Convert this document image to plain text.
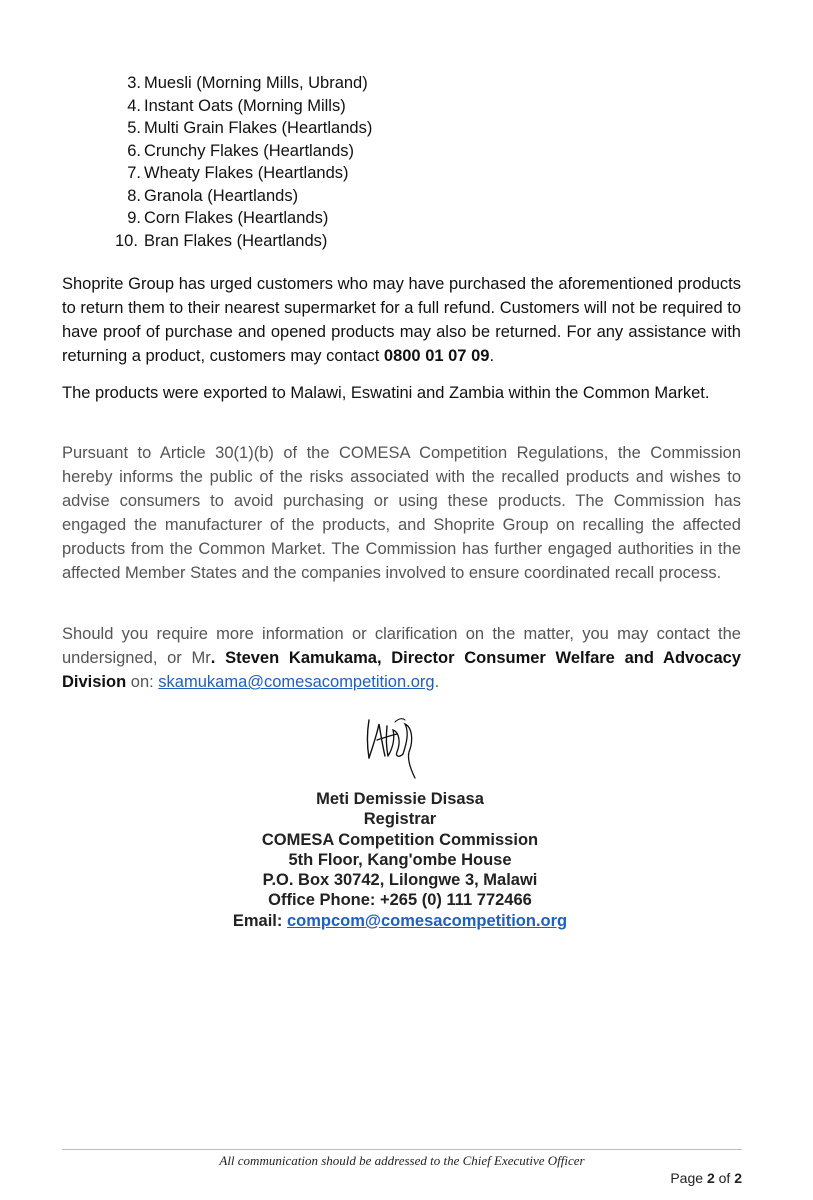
3. Muesli (Morning Mills, Ubrand)
4. Instant Oats (Morning Mills)
5. Multi Grain Flakes (Heartlands)
6. Crunchy Flakes (Heartlands)
7. Wheaty Flakes (Heartlands)
8. Granola (Heartlands)
9. Corn Flakes (Heartlands)
10. Bran Flakes (Heartlands)

Shoprite Group has urged customers who may have purchased the aforementioned products to return them to their nearest supermarket for a full refund. Customers will not be required to have proof of purchase and opened products may also be returned. For any assistance with returning a product, customers may contact 0800 01 07 09.

The products were exported to Malawi, Eswatini and Zambia within the Common Market.

Pursuant to Article 30(1)(b) of the COMESA Competition Regulations, the Commission hereby informs the public of the risks associated with the recalled products and wishes to advise consumers to avoid purchasing or using these products. The Commission has engaged the manufacturer of the products, and Shoprite Group on recalling the affected products from the Common Market. The Commission has further engaged authorities in the affected Member States and the companies involved to ensure coordinated recall process.

Should you require more information or clarification on the matter, you may contact the undersigned, or Mr. Steven Kamukama, Director Consumer Welfare and Advocacy Division on: skamukama@comesacompetition.org.

Meti Demissie Disasa
Registrar
COMESA Competition Commission
5th Floor, Kang'ombe House
P.O. Box 30742, Lilongwe 3, Malawi
Office Phone: +265 (0) 111 772466
Email: compcom@comesacompetition.org
All communication should be addressed to the Chief Executive Officer
Page 2 of 2
